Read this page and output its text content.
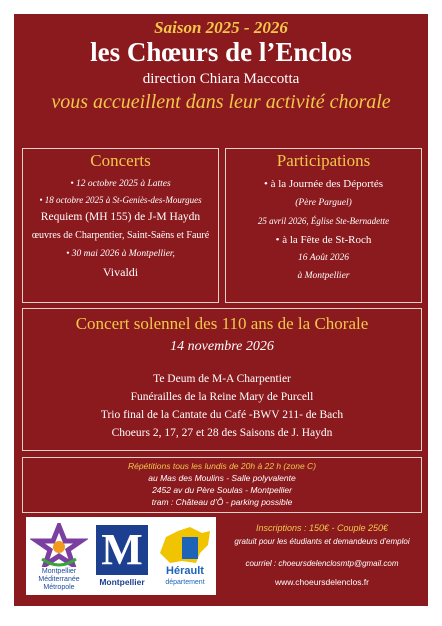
Saison 2025 - 2026
les Chœurs de l’Enclos
direction Chiara Maccotta
vous accueillent dans leur activité chorale
Concerts
• 12 octobre 2025 à Lattes
• 18 octobre 2025 à St-Geniès-des-Mourgues
Requiem (MH 155) de J-M Haydn
œuvres de Charpentier, Saint-Saëns et Fauré
• 30 mai 2026 à Montpellier,
Vivaldi
Participations
• à la Journée des Déportés
(Père Parguel)
25 avril 2026, Église Ste-Bernadette
• à la Fête de St-Roch
16 Août 2026
à Montpellier
Concert solennel des 110 ans de la Chorale
14 novembre 2026
Te Deum de M-A Charpentier
Funérailles de la Reine Mary de Purcell
Trio final de la Cantate du Café -BWV 211- de Bach
Choeurs 2, 17, 27 et 28 des Saisons de J. Haydn
Répétitions tous les lundis de 20h à 22 h (zone C)
au Mas des Moulins - Salle polyvalente
2452 av du Père Soulas - Montpellier
tram : Château d’Ô - parking possible
Montpellier Méditerranée Métropole
M
Montpellier
Hérault
département
Inscriptions : 150€ - Couple 250€
gratuit pour les étudiants et demandeurs d’emploi
courriel : choeursdelenclosmtp@gmail.com
www.choeursdelenclos.fr
